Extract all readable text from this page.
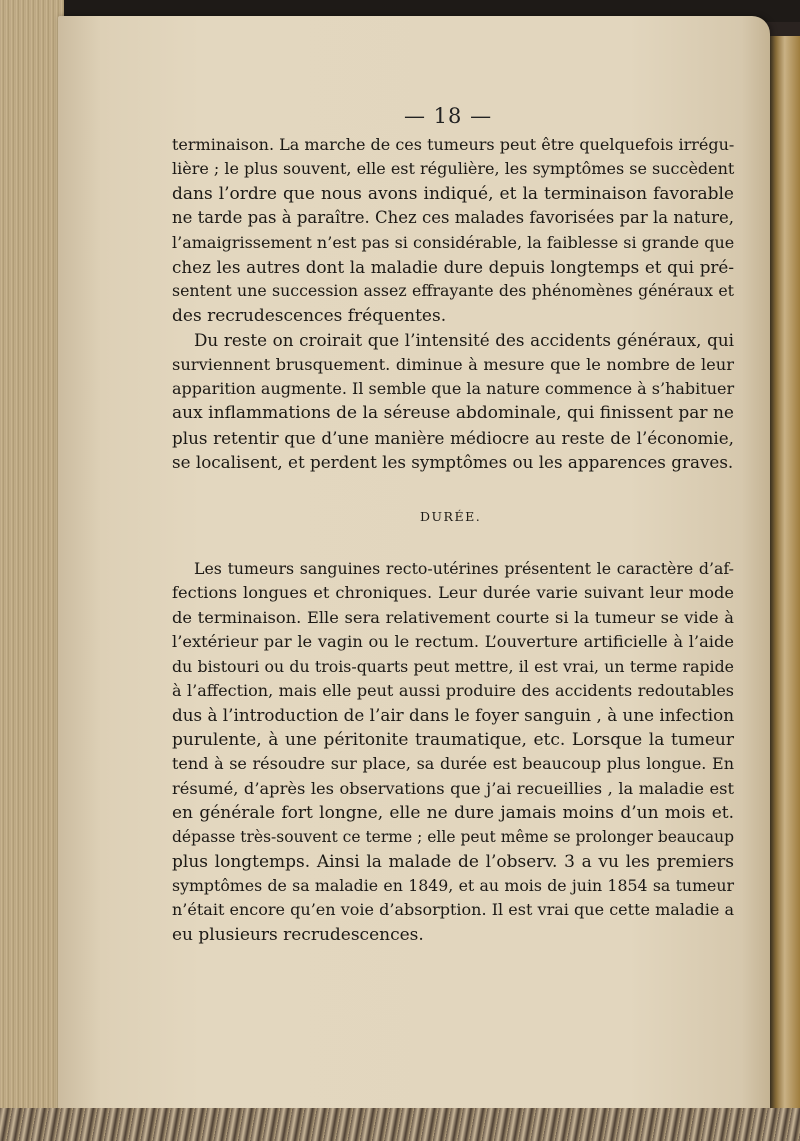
— 18 —
terminaison. La marche de ces tumeurs peut être quelquefois irrégu-
lière ; le plus souvent, elle est régulière, les symptômes se succèdent
dans l’ordre que nous avons indiqué, et la terminaison favorable
ne tarde pas à paraître. Chez ces malades favorisées par la nature,
l’amaigrissement n’est pas si considérable, la faiblesse si grande que
chez les autres dont la maladie dure depuis longtemps et qui pré-
sentent une succession assez effrayante des phénomènes généraux et
des recrudescences fréquentes.
Du reste on croirait que l’intensité des accidents généraux, qui
surviennent brusquement. diminue à mesure que le nombre de leur
apparition augmente. Il semble que la nature commence à s’habituer
aux inflammations de la séreuse abdominale, qui finissent par ne
plus retentir que d’une manière médiocre au reste de l’économie,
se localisent, et perdent les symptômes ou les apparences graves.
DURÉE.
Les tumeurs sanguines recto-utérines présentent le caractère d’af-
fections longues et chroniques. Leur durée varie suivant leur mode
de terminaison. Elle sera relativement courte si la tumeur se vide à
l’extérieur par le vagin ou le rectum. L’ouverture artificielle à l’aide
du bistouri ou du trois-quarts peut mettre, il est vrai, un terme rapide
à l’affection, mais elle peut aussi produire des accidents redoutables
dus à l’introduction de l’air dans le foyer sanguin , à une infection
purulente, à une péritonite traumatique, etc. Lorsque la tumeur
tend à se résoudre sur place, sa durée est beaucoup plus longue. En
résumé, d’après les observations que j’ai recueillies , la maladie est
en générale fort longne, elle ne dure jamais moins d’un mois et.
dépasse très-souvent ce terme ; elle peut même se prolonger beaucaup
plus longtemps. Ainsi la malade de l’observ. 3 a vu les premiers
symptômes de sa maladie en 1849, et au mois de juin 1854 sa tumeur
n’était encore qu’en voie d’absorption. Il est vrai que cette maladie a
eu plusieurs recrudescences.
